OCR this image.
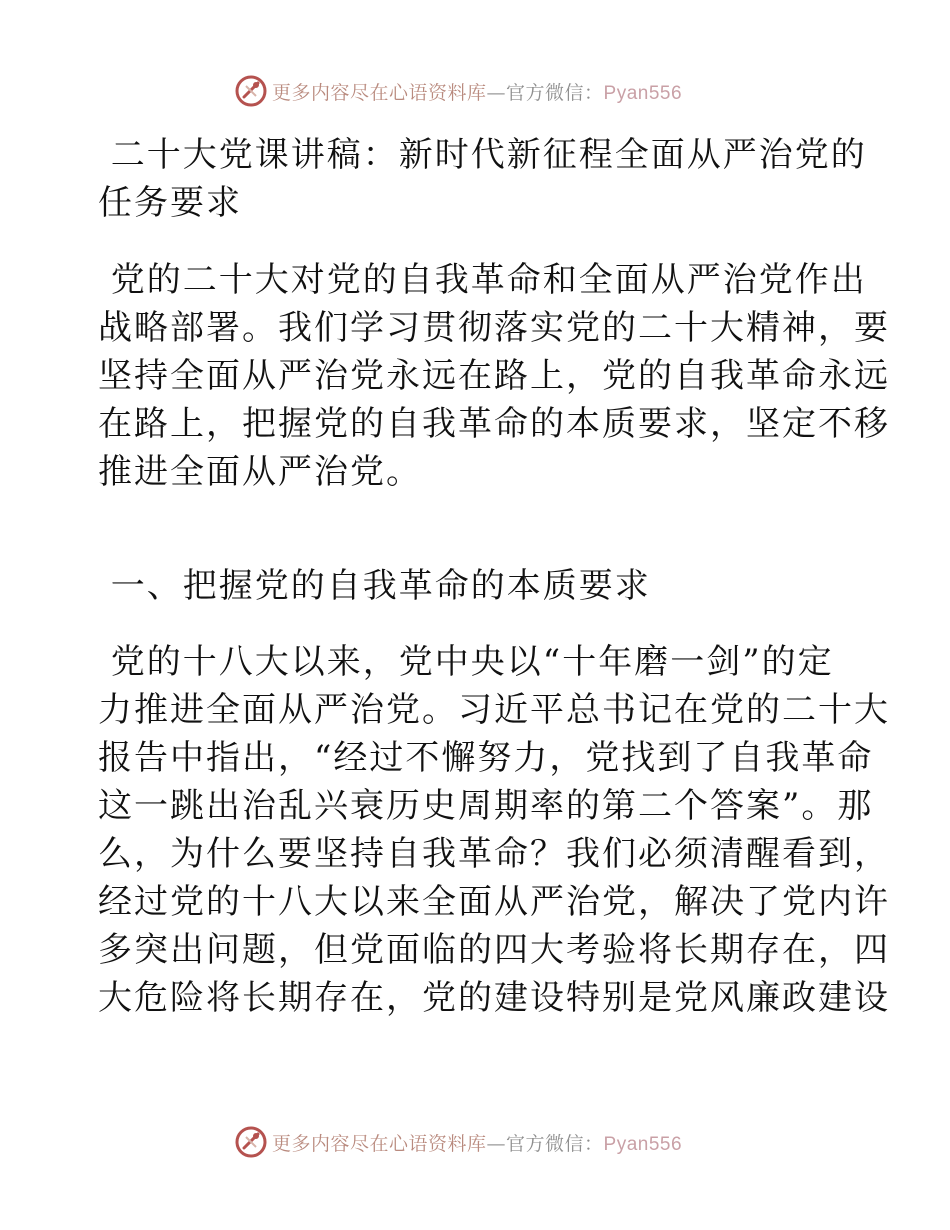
更多内容尽在心语资料库—官方微信：Pyan556

二十大党课讲稿：新时代新征程全面从严治党的

任务要求

党的二十大对党的自我革命和全面从严治党作出

战略部署。我们学习贯彻落实党的二十大精神，要

坚持全面从严治党永远在路上，党的自我革命永远

在路上，把握党的自我革命的本质要求，坚定不移

推进全面从严治党。

一、把握党的自我革命的本质要求

党的十八大以来，党中央以“十年磨一剑”的定

力推进全面从严治党。习近平总书记在党的二十大

报告中指出，“经过不懈努力，党找到了自我革命

这一跳出治乱兴衰历史周期率的第二个答案”。那

么，为什么要坚持自我革命？我们必须清醒看到，

经过党的十八大以来全面从严治党，解决了党内许

多突出问题，但党面临的四大考验将长期存在，四

大危险将长期存在，党的建设特别是党风廉政建设

更多内容尽在心语资料库—官方微信：Pyan556
